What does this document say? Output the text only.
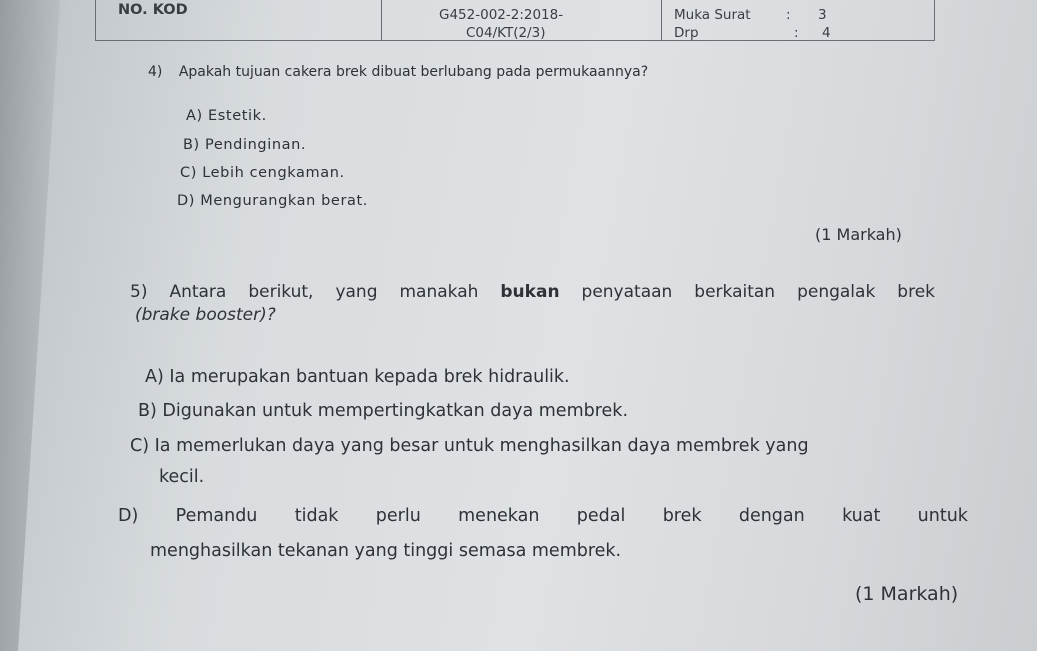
NO. KOD	G452-002-2:2018-
C04/KT(2/3)
Muka Surat	: 3
Drp	: 4
4) Apakah tujuan cakera brek dibuat berlubang pada permukaannya?
A) Estetik.
B) Pendinginan.
C) Lebih cengkaman.
D) Mengurangkan berat.
(1 Markah)
5) Antara berikut, yang manakah bukan penyataan berkaitan pengalak brek
(brake booster)?
A) Ia merupakan bantuan kepada brek hidraulik.
B) Digunakan untuk mempertingkatkan daya membrek.
C) Ia memerlukan daya yang besar untuk menghasilkan daya membrek yang
kecil.
D) Pemandu tidak perlu menekan pedal brek dengan kuat untuk
menghasilkan tekanan yang tinggi semasa membrek.
(1 Markah)
